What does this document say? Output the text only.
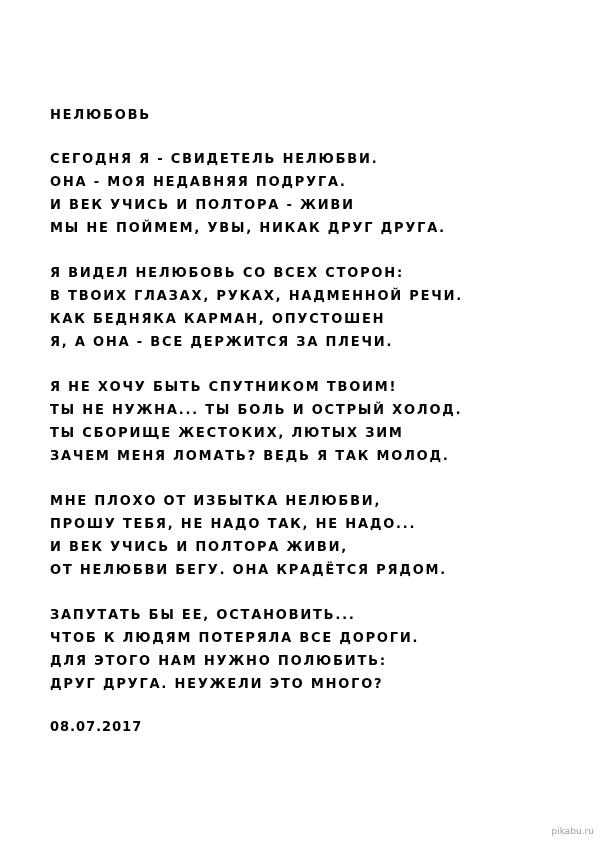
НЕЛЮБОВЬ
СЕГОДНЯ Я - СВИДЕТЕЛЬ НЕЛЮБВИ.
ОНА - МОЯ НЕДАВНЯЯ ПОДРУГА.
И ВЕК УЧИСЬ И ПОЛТОРА - ЖИВИ
МЫ НЕ ПОЙМЕМ, УВЫ, НИКАК ДРУГ ДРУГА.
Я ВИДЕЛ НЕЛЮБОВЬ СО ВСЕХ СТОРОН:
В ТВОИХ ГЛАЗАХ, РУКАХ, НАДМЕННОЙ РЕЧИ.
КАК БЕДНЯКА КАРМАН, ОПУСТОШЕН
Я, А ОНА - ВСЕ ДЕРЖИТСЯ ЗА ПЛЕЧИ.
Я НЕ ХОЧУ БЫТЬ СПУТНИКОМ ТВОИМ!
ТЫ НЕ НУЖНА... ТЫ БОЛЬ И ОСТРЫЙ ХОЛОД.
ТЫ СБОРИЩЕ ЖЕСТОКИХ, ЛЮТЫХ ЗИМ
ЗАЧЕМ МЕНЯ ЛОМАТЬ? ВЕДЬ Я ТАК МОЛОД.
МНЕ ПЛОХО ОТ ИЗБЫТКА НЕЛЮБВИ,
ПРОШУ ТЕБЯ, НЕ НАДО ТАК, НЕ НАДО...
И ВЕК УЧИСЬ И ПОЛТОРА ЖИВИ,
ОТ НЕЛЮБВИ БЕГУ. ОНА КРАДЁТСЯ РЯДОМ.
ЗАПУТАТЬ БЫ ЕЕ, ОСТАНОВИТЬ...
ЧТОБ К ЛЮДЯМ ПОТЕРЯЛА ВСЕ ДОРОГИ.
ДЛЯ ЭТОГО НАМ НУЖНО ПОЛЮБИТЬ:
ДРУГ ДРУГА. НЕУЖЕЛИ ЭТО МНОГО?
08.07.2017
pikabu.ru
